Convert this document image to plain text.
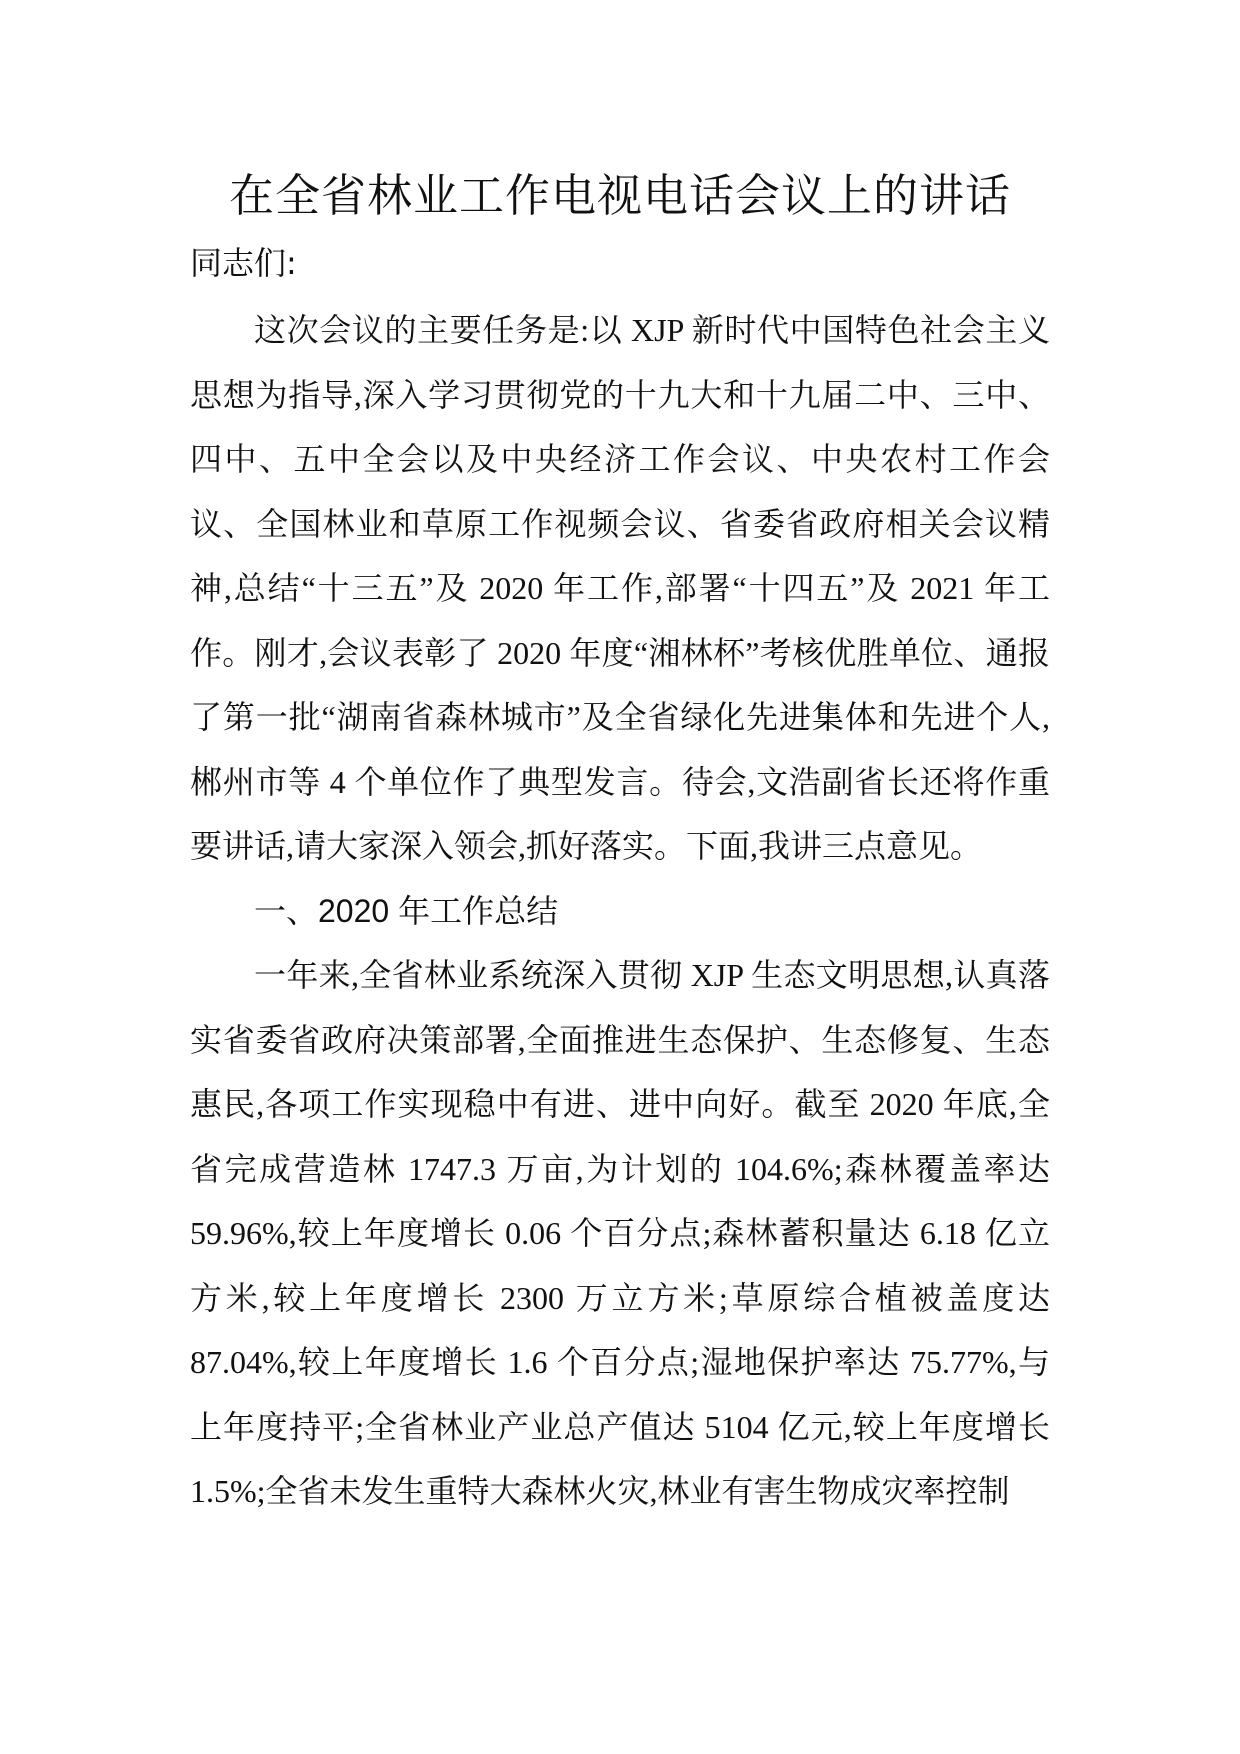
在全省林业工作电视电话会议上的讲话

同志们:

这次会议的主要任务是:以 XJP 新时代中国特色社会主义思想为指导,深入学习贯彻党的十九大和十九届二中、三中、四中、五中全会以及中央经济工作会议、中央农村工作会议、全国林业和草原工作视频会议、省委省政府相关会议精神,总结“十三五”及 2020 年工作,部署“十四五”及 2021 年工作。刚才,会议表彰了 2020 年度“湘林杯”考核优胜单位、通报了第一批“湖南省森林城市”及全省绿化先进集体和先进个人,郴州市等 4 个单位作了典型发言。待会,文浩副省长还将作重要讲话,请大家深入领会,抓好落实。下面,我讲三点意见。

一、2020 年工作总结

一年来,全省林业系统深入贯彻 XJP 生态文明思想,认真落实省委省政府决策部署,全面推进生态保护、生态修复、生态惠民,各项工作实现稳中有进、进中向好。截至 2020 年底,全省完成营造林 1747.3 万亩,为计划的 104.6%;森林覆盖率达 59.96%,较上年度增长 0.06 个百分点;森林蓄积量达 6.18 亿立方米,较上年度增长 2300 万立方米;草原综合植被盖度达 87.04%,较上年度增长 1.6 个百分点;湿地保护率达 75.77%,与上年度持平;全省林业产业总产值达 5104 亿元,较上年度增长 1.5%;全省未发生重特大森林火灾,林业有害生物成灾率控制
